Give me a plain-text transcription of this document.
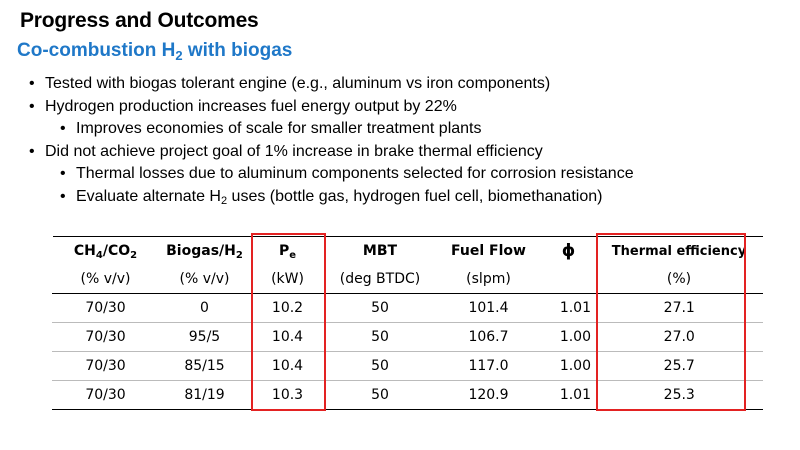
Progress and Outcomes
Co-combustion $H_2$ with biogas
• Tested with biogas tolerant engine (e.g., aluminum vs iron components)
• Hydrogen production increases fuel energy output by 22%
• Improves economies of scale for smaller treatment plants
• Did not achieve project goal of 1% increase in brake thermal efficiency
• Thermal losses due to aluminum components selected for corrosion resistance
• Evaluate alternate $H_2$ uses (bottle gas, hydrogen fuel cell, biomethanation)
$CH_4/CO_2$	Biogas/$H_2$	$P_e$	MBT	Fuel Flow	ϕ	Thermal efficiency
(% v/v)	(% v/v)	(kW)	(deg BTDC)	(slpm)		(%)
70/30	0	10.2	50	101.4	1.01	27.1
70/30	95/5	10.4	50	106.7	1.00	27.0
70/30	85/15	10.4	50	117.0	1.00	25.7
70/30	81/19	10.3	50	120.9	1.01	25.3
